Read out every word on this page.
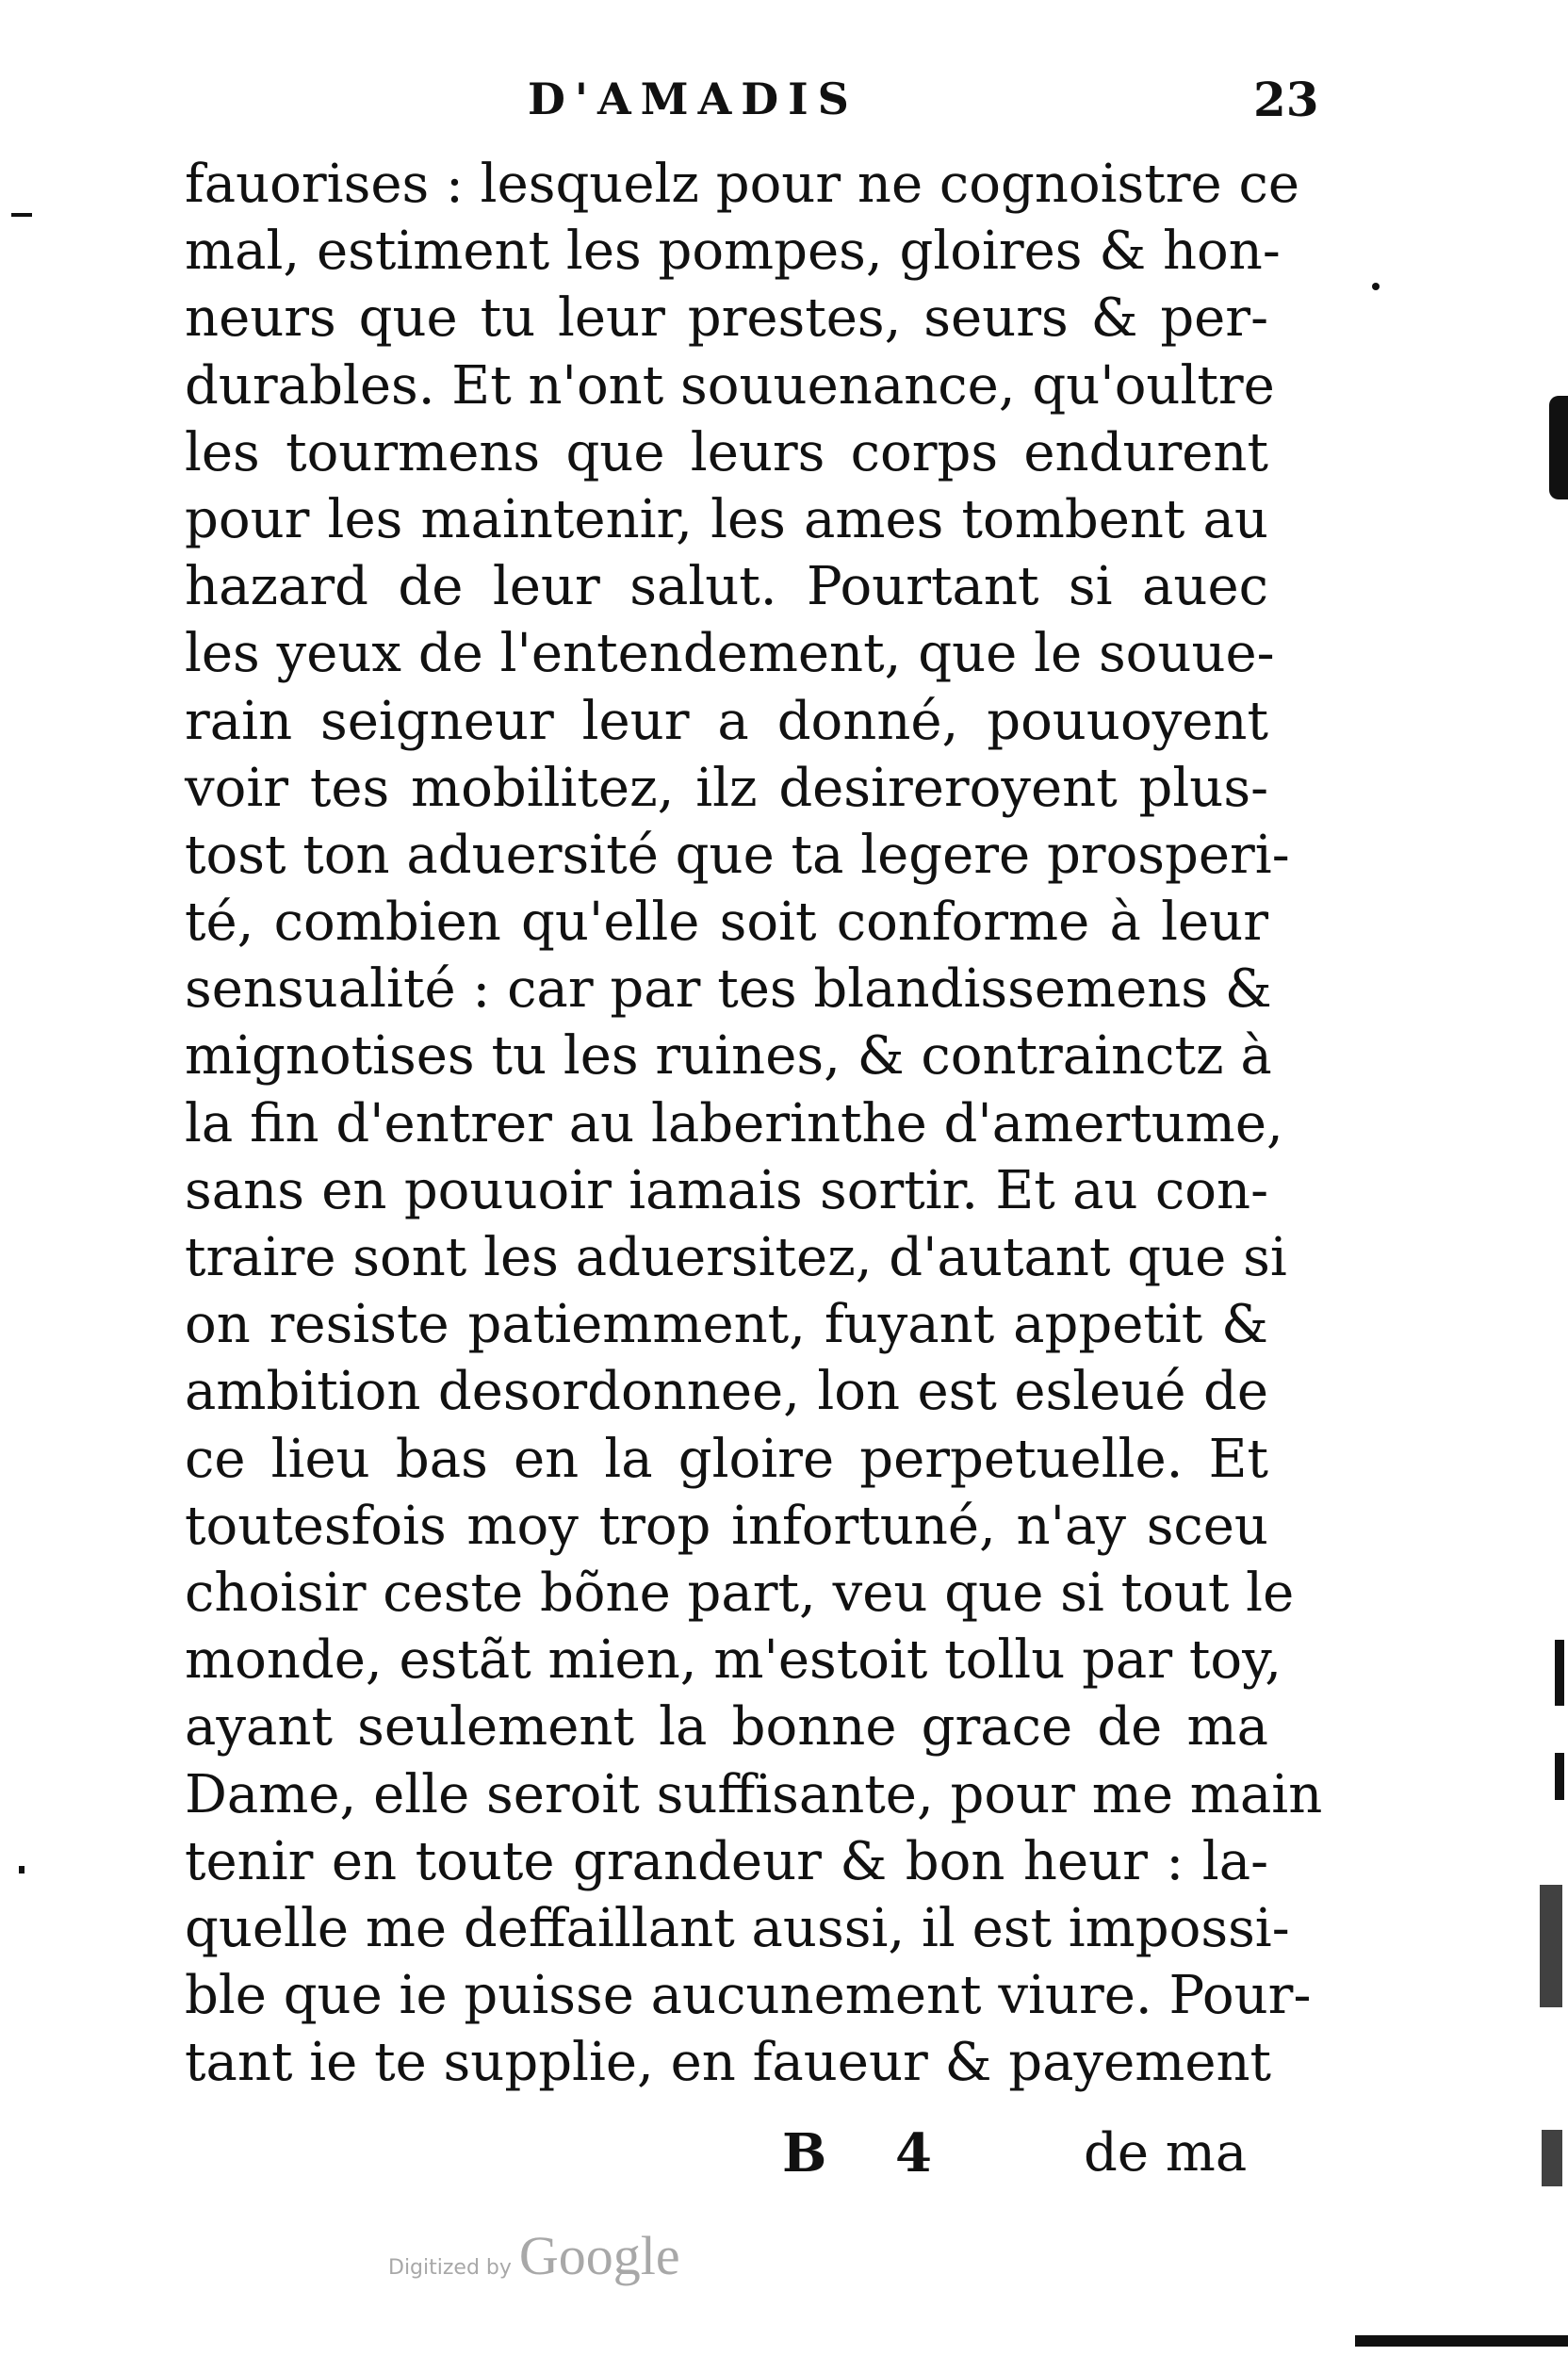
D'AMADIS	23
fauorises : lesquelz pour ne cognoistre ce
mal, estiment les pompes, gloires & hon-
neurs que tu leur prestes, seurs & per-
durables. Et n'ont souuenance, qu'oultre
les tourmens que leurs corps endurent
pour les maintenir, les ames tombent au
hazard de leur salut. Pourtant si auec
les yeux de l'entendement, que le souue-
rain seigneur leur a donné, pouuoyent
voir tes mobilitez, ilz desireroyent plus-
tost ton aduersité que ta legere prosperi-
té, combien qu'elle soit conforme à leur
sensualité : car par tes blandissemens &
mignotises tu les ruines, & contrainctz à
la fin d'entrer au laberinthe d'amertume,
sans en pouuoir iamais sortir. Et au con-
traire sont les aduersitez, d'autant que si
on resiste patiemment, fuyant appetit &
ambition desordonnee, lon est esleué de
ce lieu bas en la gloire perpetuelle. Et
toutesfois moy trop infortuné, n'ay sceu
choisir ceste bõne part, veu que si tout le
monde, estãt mien, m'estoit tollu par toy,
ayant seulement la bonne grace de ma
Dame, elle seroit suffisante, pour me main
tenir en toute grandeur & bon heur : la-
quelle me deffaillant aussi, il est impossi-
ble que ie puisse aucunement viure. Pour-
tant ie te supplie, en faueur & payement
B 4	de ma
Digitized by Google
